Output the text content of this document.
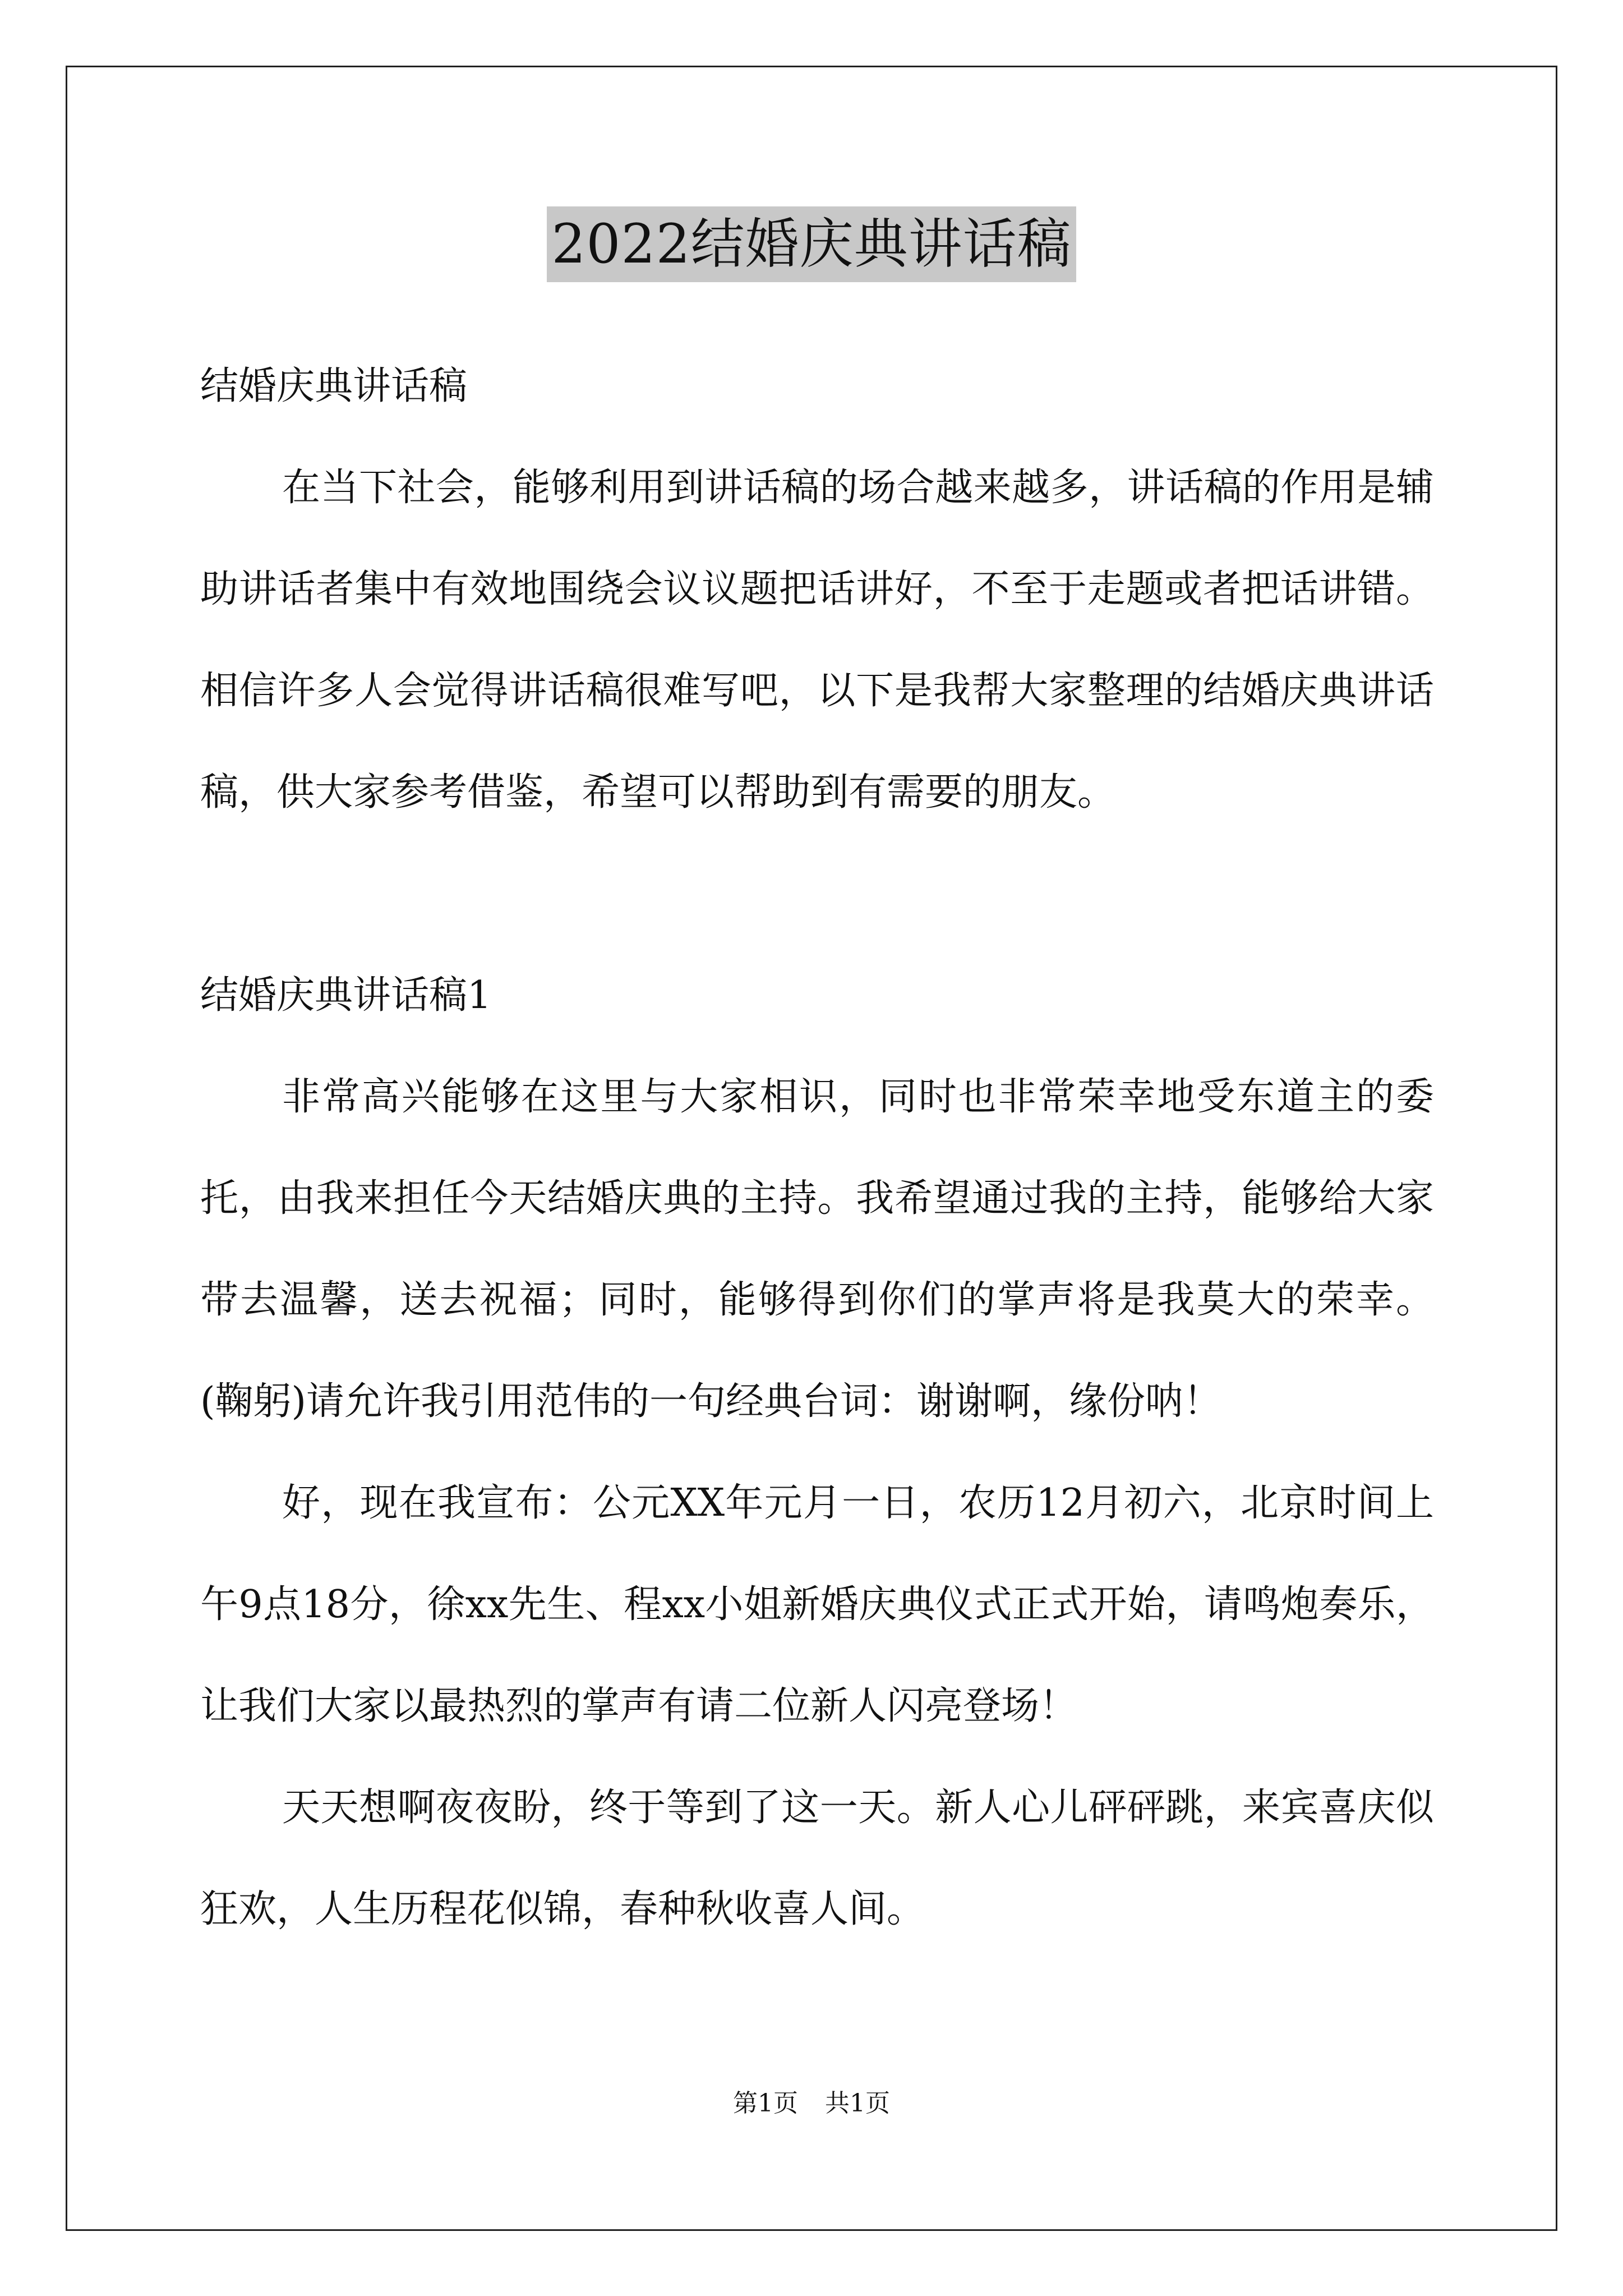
2022结婚庆典讲话稿

结婚庆典讲话稿

在当下社会，能够利用到讲话稿的场合越来越多，讲话稿的作用是辅助讲话者集中有效地围绕会议议题把话讲好，不至于走题或者把话讲错。相信许多人会觉得讲话稿很难写吧，以下是我帮大家整理的结婚庆典讲话稿，供大家参考借鉴，希望可以帮助到有需要的朋友。

结婚庆典讲话稿1

非常高兴能够在这里与大家相识，同时也非常荣幸地受东道主的委托，由我来担任今天结婚庆典的主持。我希望通过我的主持，能够给大家带去温馨，送去祝福；同时，能够得到你们的掌声将是我莫大的荣幸。(鞠躬)请允许我引用范伟的一句经典台词：谢谢啊，缘份呐！

好，现在我宣布：公元XX年元月一日，农历12月初六，北京时间上午9点18分，徐xx先生、程xx小姐新婚庆典仪式正式开始，请鸣炮奏乐，让我们大家以最热烈的掌声有请二位新人闪亮登场！

天天想啊夜夜盼，终于等到了这一天。新人心儿砰砰跳，来宾喜庆似狂欢，人生历程花似锦，春种秋收喜人间。

第1页 共1页
